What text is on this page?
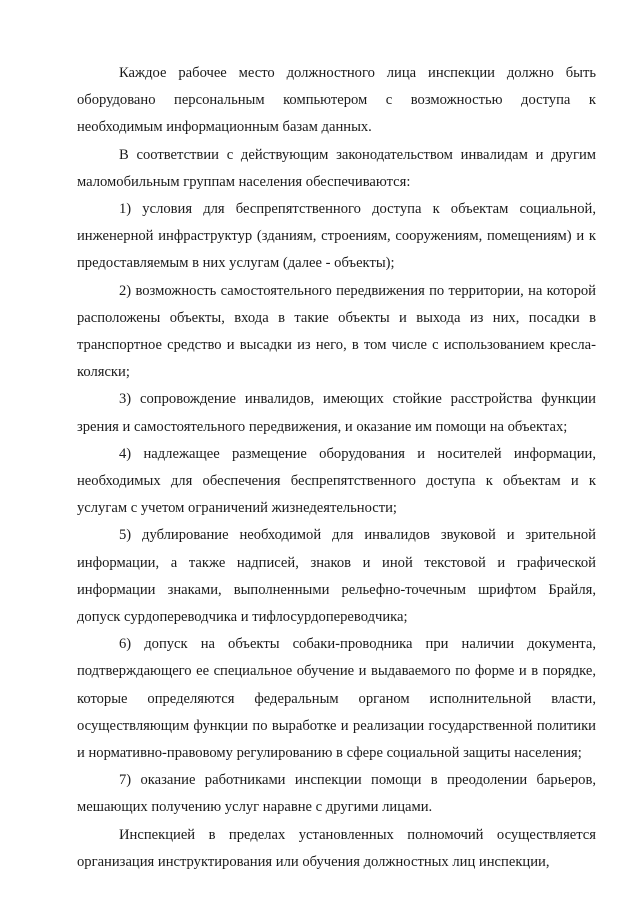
Каждое рабочее место должностного лица инспекции должно быть оборудовано персональным компьютером с возможностью доступа к необходимым информационным базам данных.

В соответствии с действующим законодательством инвалидам и другим маломобильным группам населения обеспечиваются:

1) условия для беспрепятственного доступа к объектам социальной, инженерной инфраструктур (зданиям, строениям, сооружениям, помещениям) и к предоставляемым в них услугам (далее - объекты);

2) возможность самостоятельного передвижения по территории, на которой расположены объекты, входа в такие объекты и выхода из них, посадки в транспортное средство и высадки из него, в том числе с использованием кресла-коляски;

3) сопровождение инвалидов, имеющих стойкие расстройства функции зрения и самостоятельного передвижения, и оказание им помощи на объектах;

4) надлежащее размещение оборудования и носителей информации, необходимых для обеспечения беспрепятственного доступа к объектам и к услугам с учетом ограничений жизнедеятельности;

5) дублирование необходимой для инвалидов звуковой и зрительной информации, а также надписей, знаков и иной текстовой и графической информации знаками, выполненными рельефно-точечным шрифтом Брайля, допуск сурдопереводчика и тифлосурдопереводчика;

6) допуск на объекты собаки-проводника при наличии документа, подтверждающего ее специальное обучение и выдаваемого по форме и в порядке, которые определяются федеральным органом исполнительной власти, осуществляющим функции по выработке и реализации государственной политики и нормативно-правовому регулированию в сфере социальной защиты населения;

7) оказание работниками инспекции помощи в преодолении барьеров, мешающих получению услуг наравне с другими лицами.

Инспекцией в пределах установленных полномочий осуществляется организация инструктирования или обучения должностных лиц инспекции,
